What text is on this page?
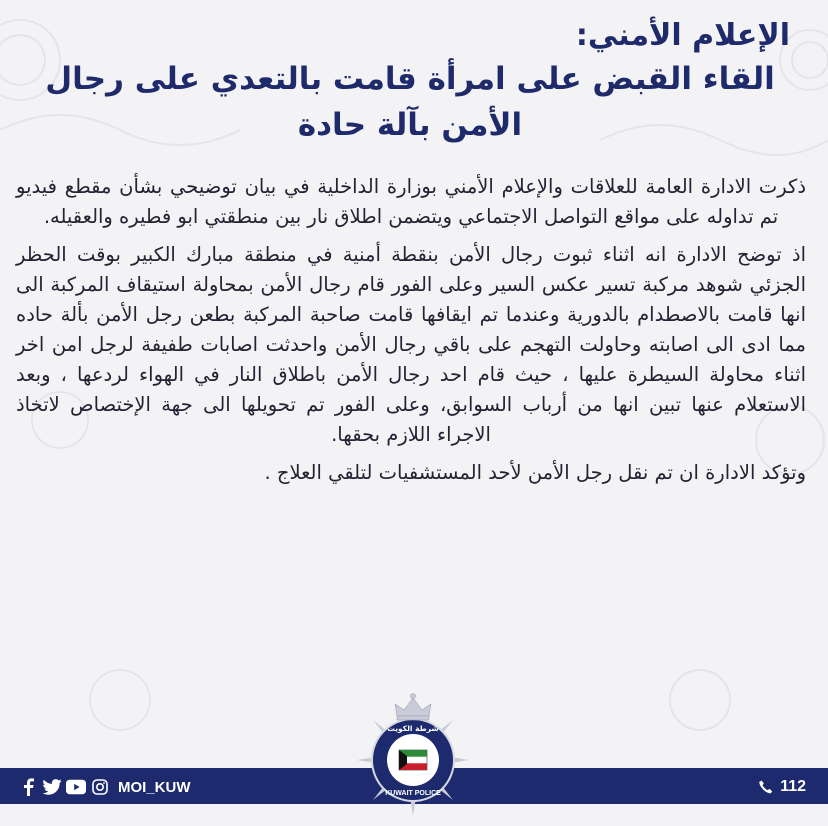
الإعلام الأمني:
القاء القبض على امرأة قامت بالتعدي على رجال
الأمن بآلة حادة

ذكرت الادارة العامة للعلاقات والإعلام الأمني بوزارة الداخلية في بيان توضيحي بشأن مقطع فيديو تم تداوله على مواقع التواصل الاجتماعي ويتضمن اطلاق نار بين منطقتي ابو فطيره والعقيله.

اذ توضح الادارة انه اثناء ثبوت رجال الأمن بنقطة أمنية في منطقة مبارك الكبير بوقت الحظر الجزئي شوهد مركبة تسير عكس السير وعلى الفور قام رجال الأمن بمحاولة استيقاف المركبة الى انها قامت بالاصطدام بالدورية وعندما تم ايقافها قامت صاحبة المركبة بطعن رجل الأمن بألة حاده مما ادى الى اصابته وحاولت التهجم على باقي رجال الأمن واحدثت اصابات طفيفة لرجل امن اخر اثناء محاولة السيطرة عليها ، حيث قام احد رجال الأمن باطلاق النار في الهواء لردعها ، وبعد الاستعلام عنها تبين انها من أرباب السوابق، وعلى الفور تم تحويلها الى جهة الإختصاص لاتخاذ الاجراء اللازم بحقها.

وتؤكد الادارة ان تم نقل رجل الأمن لأحد المستشفيات لتلقي العلاج .

MOI_KUW	112
شرطة الكويت
KUWAIT POLICE
